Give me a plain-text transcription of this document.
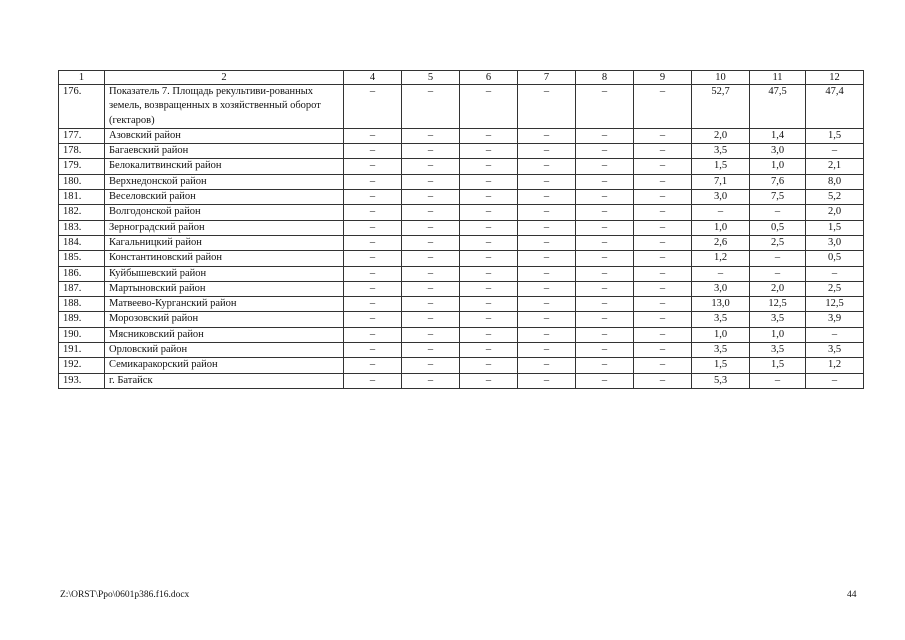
1	2	4	5	6	7	8	9	10	11	12
176.	Показатель 7. Площадь рекультиви-рованных земель, возвращенных в хозяйственный оборот (гектаров)	–	–	–	–	–	–	52,7	47,5	47,4
177.	Азовский район	–	–	–	–	–	–	2,0	1,4	1,5
178.	Багаевский район	–	–	–	–	–	–	3,5	3,0	–
179.	Белокалитвинский район	–	–	–	–	–	–	1,5	1,0	2,1
180.	Верхнедонской район	–	–	–	–	–	–	7,1	7,6	8,0
181.	Веселовский район	–	–	–	–	–	–	3,0	7,5	5,2
182.	Волгодонской район	–	–	–	–	–	–	–	–	2,0
183.	Зерноградский район	–	–	–	–	–	–	1,0	0,5	1,5
184.	Кагальницкий район	–	–	–	–	–	–	2,6	2,5	3,0
185.	Константиновский район	–	–	–	–	–	–	1,2	–	0,5
186.	Куйбышевский район	–	–	–	–	–	–	–	–	–
187.	Мартыновский район	–	–	–	–	–	–	3,0	2,0	2,5
188.	Матвеево-Курганский район	–	–	–	–	–	–	13,0	12,5	12,5
189.	Морозовский район	–	–	–	–	–	–	3,5	3,5	3,9
190.	Мясниковский район	–	–	–	–	–	–	1,0	1,0	–
191.	Орловский район	–	–	–	–	–	–	3,5	3,5	3,5
192.	Семикаракорский район	–	–	–	–	–	–	1,5	1,5	1,2
193.	г. Батайск	–	–	–	–	–	–	5,3	–	–
Z:\ORST\Ppo\0601p386.f16.docx	44
